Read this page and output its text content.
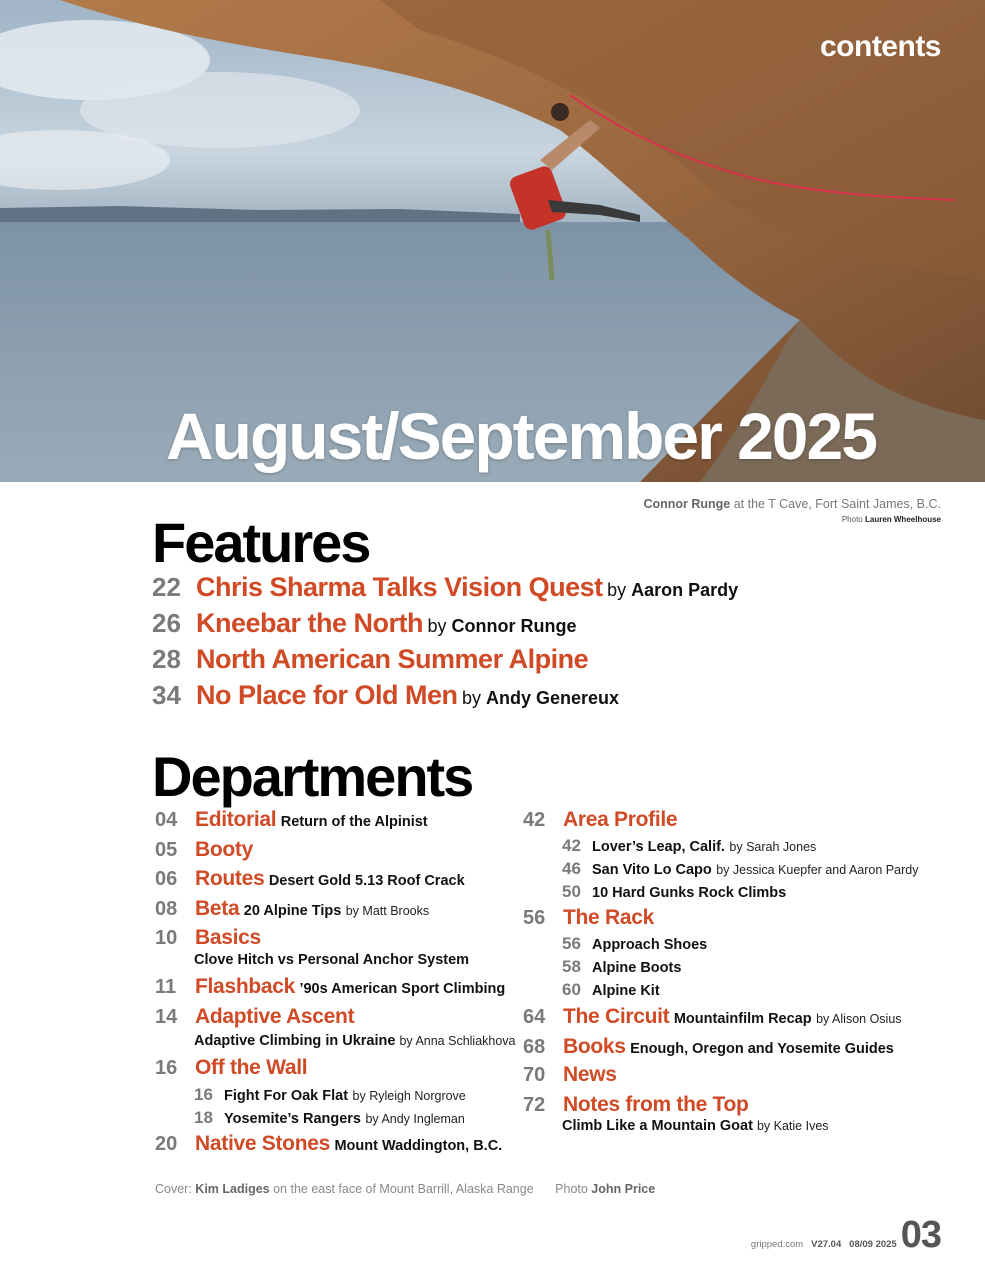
contents
August/September 2025
Connor Runge at the T Cave, Fort Saint James, B.C.
Photo Lauren Wheelhouse
Features
22 Chris Sharma Talks Vision Quest by Aaron Pardy
26 Kneebar the North by Connor Runge
28 North American Summer Alpine
34 No Place for Old Men by Andy Genereux
Departments
04 Editorial Return of the Alpinist
05 Booty
06 Routes Desert Gold 5.13 Roof Crack
08 Beta 20 Alpine Tips by Matt Brooks
10 Basics
Clove Hitch vs Personal Anchor System
11 Flashback ’90s American Sport Climbing
14 Adaptive Ascent
Adaptive Climbing in Ukraine by Anna Schliakhova
16 Off the Wall
16 Fight For Oak Flat by Ryleigh Norgrove
18 Yosemite’s Rangers by Andy Ingleman
20 Native Stones Mount Waddington, B.C.
42 Area Profile
42 Lover’s Leap, Calif. by Sarah Jones
46 San Vito Lo Capo by Jessica Kuepfer and Aaron Pardy
50 10 Hard Gunks Rock Climbs
56 The Rack
56 Approach Shoes
58 Alpine Boots
60 Alpine Kit
64 The Circuit Mountainfilm Recap by Alison Osius
68 Books Enough, Oregon and Yosemite Guides
70 News
72 Notes from the Top
Climb Like a Mountain Goat by Katie Ives
Cover: Kim Ladiges on the east face of Mount Barrill, Alaska Range Photo John Price
gripped.com V27.04 08/09 2025 03
